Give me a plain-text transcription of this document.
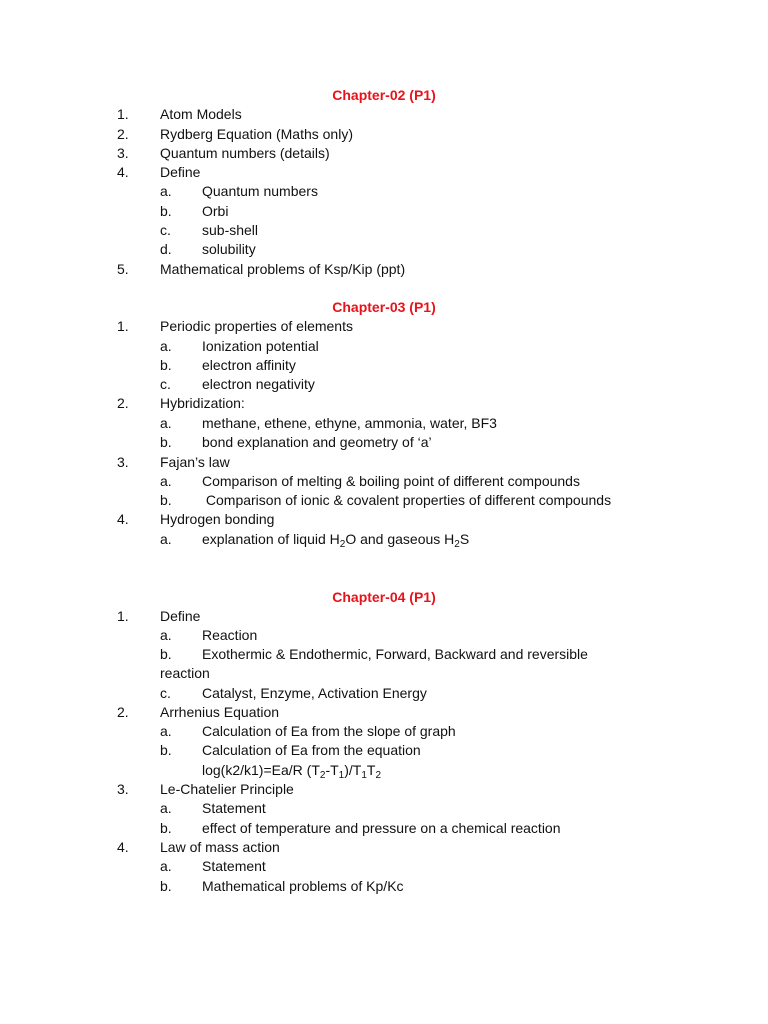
Chapter-02 (P1)
1. Atom Models
2. Rydberg Equation (Maths only)
3. Quantum numbers (details)
4. Define
a. Quantum numbers
b. Orbi
c. sub-shell
d. solubility
5. Mathematical problems of Ksp/Kip (ppt)
Chapter-03 (P1)
1. Periodic properties of elements
a. Ionization potential
b. electron affinity
c. electron negativity
2. Hybridization:
a. methane, ethene, ethyne, ammonia, water, BF3
b. bond explanation and geometry of ‘a’
3. Fajan’s law
a. Comparison of melting & boiling point of different compounds
b. Comparison of ionic & covalent properties of different compounds
4. Hydrogen bonding
a. explanation of liquid $H_2O$ and gaseous $H_2S$
Chapter-04 (P1)
1. Define
a. Reaction
b. Exothermic & Endothermic, Forward, Backward and reversible
reaction
c. Catalyst, Enzyme, Activation Energy
2. Arrhenius Equation
a. Calculation of Ea from the slope of graph
b. Calculation of Ea from the equation
log(k2/k1)=Ea/R $(T_2-T_1)/T_1T_2$
3. Le-Chatelier Principle
a. Statement
b. effect of temperature and pressure on a chemical reaction
4. Law of mass action
a. Statement
b. Mathematical problems of Kp/Kc
